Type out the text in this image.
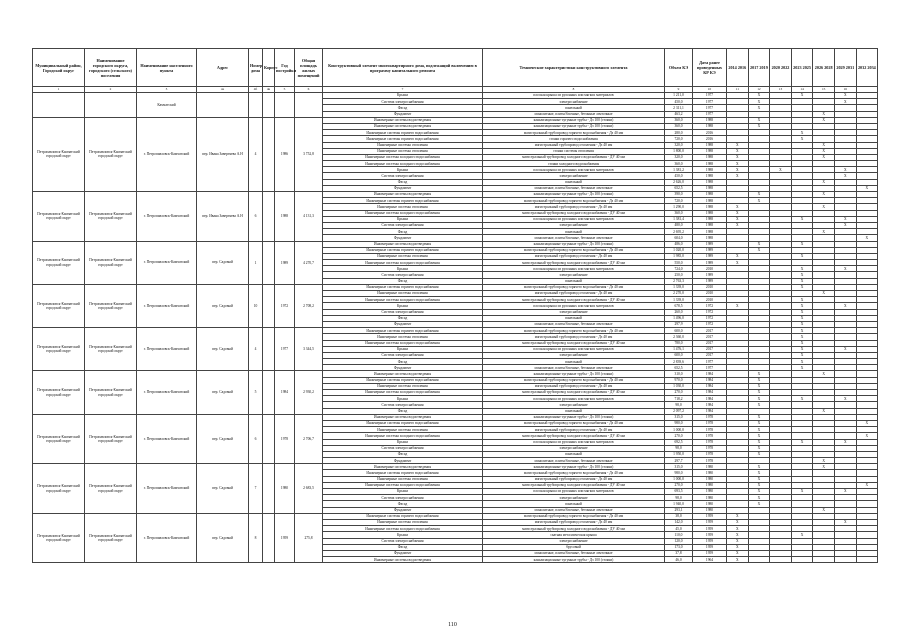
Муниципальный район, Городской округ	Наименование городского округа, городского (сельского) поселения	Наименование населенного пункта	Адрес	Номер дома	Корпус	Год постройки	Общая площадь жилых помещений	Конструктивный элемент многоквартирного дома, подлежащий включению в программу капитального ремонта	Технические характеристики конструктивного элемента	Объем КЭ	Дата ранее проведенных КР КЭ	2014 2016	2017 2019	2020 2022	2023 2025	2026 2028	2029 2031	2032 2034
1	2	3	4а	4б	4в	5	6	7	8	9	10	11	12	13	14	15	16	
		Камчатский						Крыша	плоская крыша из рулонных или мягких материалов	1 211,0	1977		X		X		X	
								Система электроснабжения	электроснабжение	450,0	1977		X				X	
								Фасад	панельный	2 311,1	1977		X					
								Фундамент	монолитные, плиты/блочные, бетонные ленточные	463,2	1977					X		
Петропавловск-Камчатский городской округ	Петропавловск-Камчатский городской округ	г. Петропавловск-Камчатский	пер. Ивана Завертяева А.Н	4		1986	3 752,8	Инженерные системы водоотведения	канализационные чугунные трубы - Дз 100 (стояки)	360,0	1988		X			X		
								Инженерные системы водоотведения	канализационные чугунные трубы - Дз 100 (стояки)	360,0	1988		X					
								Инженерные системы горячего водоснабжения	магистральный трубопровод горячего водоснабжения - Дз 40 мм	280,0	2016				X			
								Инженерные системы горячего водоснабжения	стояки горячего водоснабжения	720,0	2016				X			
								Инженерные системы отопления	магистральный трубопровод отопления - Дз 40 мм	320,0	1988	X				X		
								Инженерные системы отопления	стояки системы отопления	1 800,0	1988	X				X		
								Инженерные системы холодного водоснабжения	магистральный трубопровод холодного водоснабжения - ДУ 40 мм	320,0	1988	X				X		
								Инженерные системы холодного водоснабжения	стояки холодного водоснабжения	360,0	1988	X						
								Крыша	плоская крыша из рулонных или мягких материалов	1 381,2	1988	X		X			X	
								Система электроснабжения	электроснабжение	450,0	1988	X					X	
								Фасад	панельный	2 626,0	1988					X		
								Фундамент	монолитные, плиты/блочные, бетонные ленточные	652,5	1988							X
Петропавловск-Камчатский городской округ	Петропавловск-Камчатский городской округ	г. Петропавловск-Камчатский	пер. Ивана Завертяева А.Н	6		1988	4 131,3	Инженерные системы водоотведения	канализационные чугунные трубы - Дз 100 (стояки)	390,0	1988		X			X		
								Инженерные системы горячего водоснабжения	магистральный трубопровод горячего водоснабжения - Дз 40 мм	720,0	1988		X					
								Инженерные системы отопления	магистральный трубопровод отопления - Дз 40 мм	1 290,0	1988	X				X		
								Инженерные системы холодного водоснабжения	магистральный трубопровод холодного водоснабжения - ДУ 40 мм	360,0	1988	X						
								Крыша	плоская крыша из рулонных или мягких материалов	1 381,4	1988	X			X		X	
								Система электроснабжения	электроснабжение	480,0	1988	X					X	
								Фасад	панельный	2 695,2	1988					X		
								Фундамент	монолитные, плиты/блочные, бетонные ленточные	604,0	1988							X
Петропавловск-Камчатский городской округ	Петропавловск-Камчатский городской округ	г. Петропавловск-Камчатский	пер. Садовый	1		1989	4 270,7	Инженерные системы водоотведения	канализационные чугунные трубы - Дз 100 (стояки)	486,0	1989		X		X			
								Инженерные системы горячего водоснабжения	магистральный трубопровод горячего водоснабжения - Дз 40 мм	1 020,0	1989		X					
								Инженерные системы отопления	магистральный трубопровод отопления - Дз 40 мм	1 985,0	1989	X			X			
								Инженерные системы холодного водоснабжения	магистральный трубопровод холодного водоснабжения - ДУ 40 мм	550,0	1989	X						
								Крыша	плоская крыша из рулонных или мягких материалов	724,0	2010				X		X	
								Система электроснабжения	электроснабжение	250,0	1989				X			
								Фасад	панельный	2 763,3	1989				X			
Петропавловск-Камчатский городской округ	Петропавловск-Камчатский городской округ	г. Петропавловск-Камчатский	пер. Садовый	10		1972	2 708,2	Инженерные системы горячего водоснабжения	магистральный трубопровод горячего водоснабжения - Дз 40 мм	1 339,0	2010				X			
								Инженерные системы отопления	магистральный трубопровод отопления - Дз 40 мм	2 270,0	2010					X		
								Инженерные системы холодного водоснабжения	магистральный трубопровод холодного водоснабжения - ДУ 40 мм	1 339,0	2010				X			
								Крыша	плоская крыша из рулонных или мягких материалов	678,5	1972	X			X		X	
								Система электроснабжения	электроснабжение	260,0	1972				X			
								Фасад	панельный	1 496,0	1972				X			
								Фундамент	монолитные, плиты/блочные, бетонные ленточные	297,9	1972				X			
Петропавловск-Камчатский городской округ	Петропавловск-Камчатский городской округ	г. Петропавловск-Камчатский	пер. Садовый	4		1977	3 344,5	Инженерные системы горячего водоснабжения	магистральный трубопровод горячего водоснабжения - Дз 40 мм	600,0	2017				X			
								Инженерные системы отопления	магистральный трубопровод отопления - Дз 40 мм	2 360,0	2017				X			
								Инженерные системы холодного водоснабжения	магистральный трубопровод холодного водоснабжения - ДУ 40 мм	780,0	2017				X			
								Крыша	плоская крыша из рулонных или мягких материалов	1 476,1	2017				X		X	
								Система электроснабжения	электроснабжение	600,0	2017				X			
								Фасад	панельный	2 839,6	1977				X			
								Фундамент	монолитные, плиты/блочные, бетонные ленточные	652,5	1977				X			
Петропавловск-Камчатский городской округ	Петропавловск-Камчатский городской округ	г. Петропавловск-Камчатский	пер. Садовый	5		1984	2 930,2	Инженерные системы водоотведения	канализационные чугунные трубы - Дз 100 (стояки)	310,0	1984		X			X		
								Инженерные системы горячего водоснабжения	магистральный трубопровод горячего водоснабжения - Дз 40 мм	970,0	1984		X					
								Инженерные системы отопления	магистральный трубопровод отопления - Дз 40 мм	1 030,0	1984		X					
								Инженерные системы холодного водоснабжения	магистральный трубопровод холодного водоснабжения - ДУ 40 мм	270,0	1984		X					
								Крыша	плоская крыша из рулонных или мягких материалов	718,2	1984		X		X		X	
								Система электроснабжения	электроснабжение	98,0	1984		X					
								Фасад	панельный	2 097,2	1984					X		
Петропавловск-Камчатский городской округ	Петропавловск-Камчатский городской округ	г. Петропавловск-Камчатский	пер. Садовый	6		1978	2 706,7	Инженерные системы водоотведения	канализационные чугунные трубы - Дз 100 (стояки)	315,0	1978		X					
								Инженерные системы горячего водоснабжения	магистральный трубопровод горячего водоснабжения - Дз 40 мм	980,0	1978		X					X
								Инженерные системы отопления	магистральный трубопровод отопления - Дз 40 мм	1 000,0	1978		X					
								Инженерные системы холодного водоснабжения	магистральный трубопровод холодного водоснабжения - ДУ 40 мм	270,0	1978		X					X
								Крыша	плоская крыша из рулонных или мягких материалов	692,5	1978		X		X		X	
								Система электроснабжения	электроснабжение	98,0	1978		X					
								Фасад	панельный	1 950,0	1978		X					
								Фундамент	монолитные, плиты/блочные, бетонные ленточные	297,7	1978					X		
Петропавловск-Камчатский городской округ	Петропавловск-Камчатский городской округ	г. Петропавловск-Камчатский	пер. Садовый	7		1980	2 683,5	Инженерные системы водоотведения	канализационные чугунные трубы - Дз 100 (стояки)	315,0	1980		X			X		
								Инженерные системы горячего водоснабжения	магистральный трубопровод горячего водоснабжения - Дз 40 мм	980,0	1980		X					
								Инженерные системы отопления	магистральный трубопровод отопления - Дз 40 мм	1 000,0	1980		X					
								Инженерные системы холодного водоснабжения	магистральный трубопровод холодного водоснабжения - ДУ 40 мм	270,0	1980		X					X
								Крыша	плоская крыша из рулонных или мягких материалов	693,5	1980		X		X		X	
								Система электроснабжения	электроснабжение	98,0	1980		X					
								Фасад	панельный	1 940,0	1980		X					
								Фундамент	монолитные, плиты/блочные, бетонные ленточные	293,1	1980					X		
Петропавловск-Камчатский городской округ	Петропавловск-Камчатский городской округ	г. Петропавловск-Камчатский	пер. Садовый	8		1959	275,8	Инженерные системы горячего водоснабжения	магистральный трубопровод горячего водоснабжения - Дз 40 мм	38,0	1959	X						
								Инженерные системы отопления	магистральный трубопровод отопления - Дз 40 мм	142,0	1959	X					X	
								Инженерные системы холодного водоснабжения	магистральный трубопровод холодного водоснабжения - ДУ 40 мм	45,0	1959	X						
								Крыша	скатная металлическая крыша	110,0	1959	X			X			
								Система электроснабжения	электроснабжение	120,0	1959	X						
								Фасад	брусовый	173,0	1959	X						
								Фундамент	монолитные, плиты/блочные, бетонные ленточные	37,8	1959	X						
								Инженерные системы водоотведения	канализационные чугунные трубы - Дз 100 (стояки)	46,0	1964	X						
110
